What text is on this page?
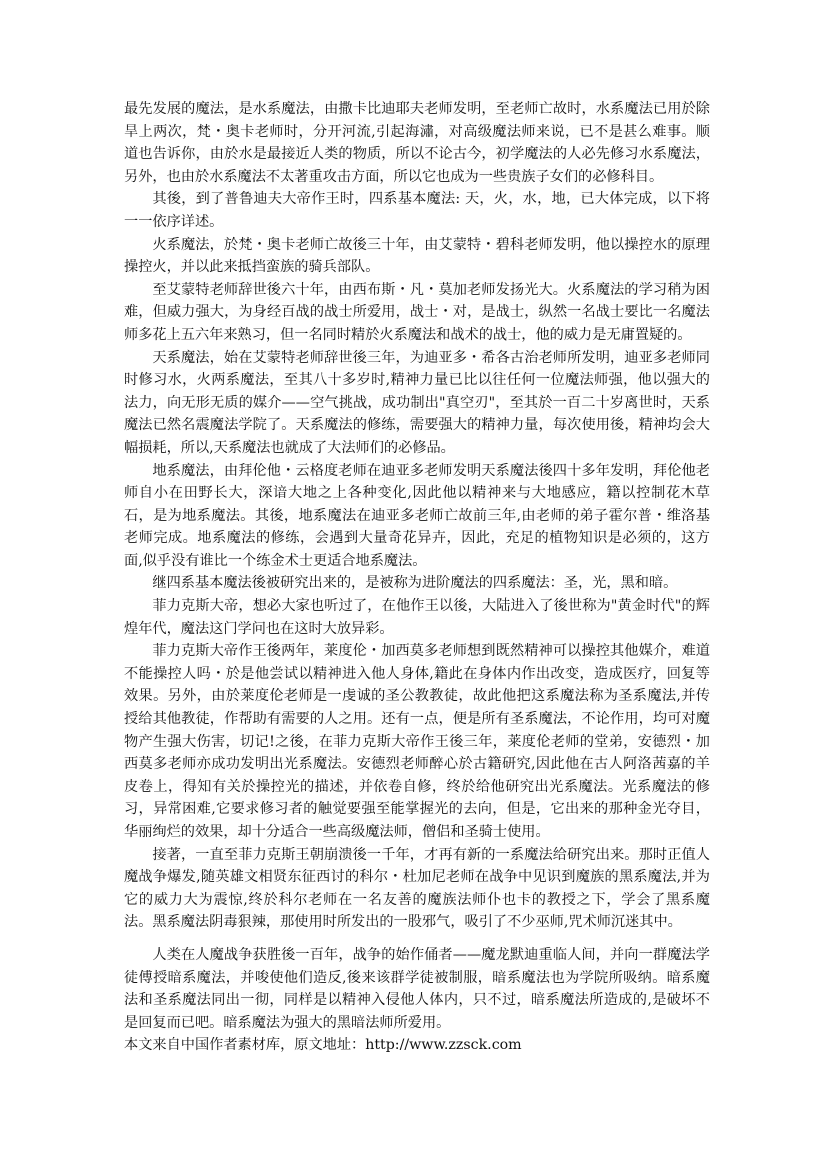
最先发展的魔法，是水系魔法，由撒卡比迪耶夫老师发明，至老师亡故时，水系魔法已用於除旱上两次，梵・奥卡老师时，分开河流,引起海潚，对高级魔法师来说，已不是甚么难事。顺道也告诉你，由於水是最接近人类的物质，所以不论古今，初学魔法的人必先修习水系魔法，另外，也由於水系魔法不太著重攻击方面，所以它也成为一些贵族子女们的必修科目。

其後，到了普鲁迪夫大帝作王时，四系基本魔法: 天，火，水，地，已大体完成，以下将一一依序详述。

火系魔法，於梵・奥卡老师亡故後三十年，由艾蒙特・碧科老师发明，他以操控水的原理操控火，并以此来抵挡蛮族的骑兵部队。

至艾蒙特老师辞世後六十年，由西布斯・凡・莫加老师发扬光大。火系魔法的学习稍为困难，但威力强大，为身经百战的战士所爱用，战士・对，是战士，纵然一名战士要比一名魔法师多花上五六年来熟习，但一名同时精於火系魔法和战术的战士，他的威力是无庸置疑的。

天系魔法，始在艾蒙特老师辞世後三年，为迪亚多・希各古治老师所发明，迪亚多老师同时修习水，火两系魔法，至其八十多岁时,精神力量已比以往任何一位魔法师强，他以强大的法力，向无形无质的媒介——空气挑战，成功制出"真空刃"，至其於一百二十岁离世时，天系魔法已然名震魔法学院了。天系魔法的修练，需要强大的精神力量，每次使用後，精神均会大幅损耗，所以,天系魔法也就成了大法师们的必修品。

地系魔法，由拜伦他・云格度老师在迪亚多老师发明天系魔法後四十多年发明，拜伦他老师自小在田野长大，深谙大地之上各种变化,因此他以精神来与大地感应，籍以控制花木草石，是为地系魔法。其後，地系魔法在迪亚多老师亡故前三年,由老师的弟子霍尔普・维洛基老师完成。地系魔法的修练，会遇到大量奇花异卉，因此，充足的植物知识是必须的，这方面,似乎没有谁比一个练金术士更适合地系魔法。

继四系基本魔法後被研究出来的，是被称为进阶魔法的四系魔法：圣，光，黑和暗。

菲力克斯大帝，想必大家也听过了，在他作王以後，大陆进入了後世称为"黄金时代"的辉煌年代，魔法这门学问也在这时大放异彩。

菲力克斯大帝作王後两年，莱度伦・加西莫多老师想到既然精神可以操控其他媒介，难道不能操控人吗・於是他尝试以精神进入他人身体,籍此在身体内作出改变，造成医疗，回复等效果。另外，由於莱度伦老师是一虔诚的圣公教教徒，故此他把这系魔法称为圣系魔法,并传授给其他教徒，作帮助有需要的人之用。还有一点，便是所有圣系魔法，不论作用，均可对魔物产生强大伤害，切记!之後，在菲力克斯大帝作王後三年，莱度伦老师的堂弟，安德烈・加西莫多老师亦成功发明出光系魔法。安德烈老师醉心於古籍研究,因此他在古人阿洛茜嘉的羊皮卷上，得知有关於操控光的描述，并依卷自修，终於给他研究出光系魔法。光系魔法的修习，异常困难,它要求修习者的触觉要强至能掌握光的去向，但是，它出来的那种金光夺目，华丽绚烂的效果，却十分适合一些高级魔法师，僧侣和圣骑士使用。

接著，一直至菲力克斯王朝崩溃後一千年，才再有新的一系魔法给研究出来。那时正值人魔战争爆发,随英雄文相贤东征西讨的科尔・杜加尼老师在战争中见识到魔族的黑系魔法,并为它的威力大为震惊,终於科尔老师在一名友善的魔族法师仆也卡的教授之下，学会了黑系魔法。黑系魔法阴毒狠辣，那使用时所发出的一股邪气，吸引了不少巫师,咒术师沉迷其中。

人类在人魔战争获胜後一百年，战争的始作俑者——魔龙默迪重临人间，并向一群魔法学徒傅授暗系魔法，并唆使他们造反,後来该群学徒被制服，暗系魔法也为学院所吸纳。暗系魔法和圣系魔法同出一彻，同样是以精神入侵他人体内，只不过，暗系魔法所造成的,是破坏不是回复而已吧。暗系魔法为强大的黑暗法师所爱用。

本文来自中国作者素材库，原文地址：http://www.zzsck.com
